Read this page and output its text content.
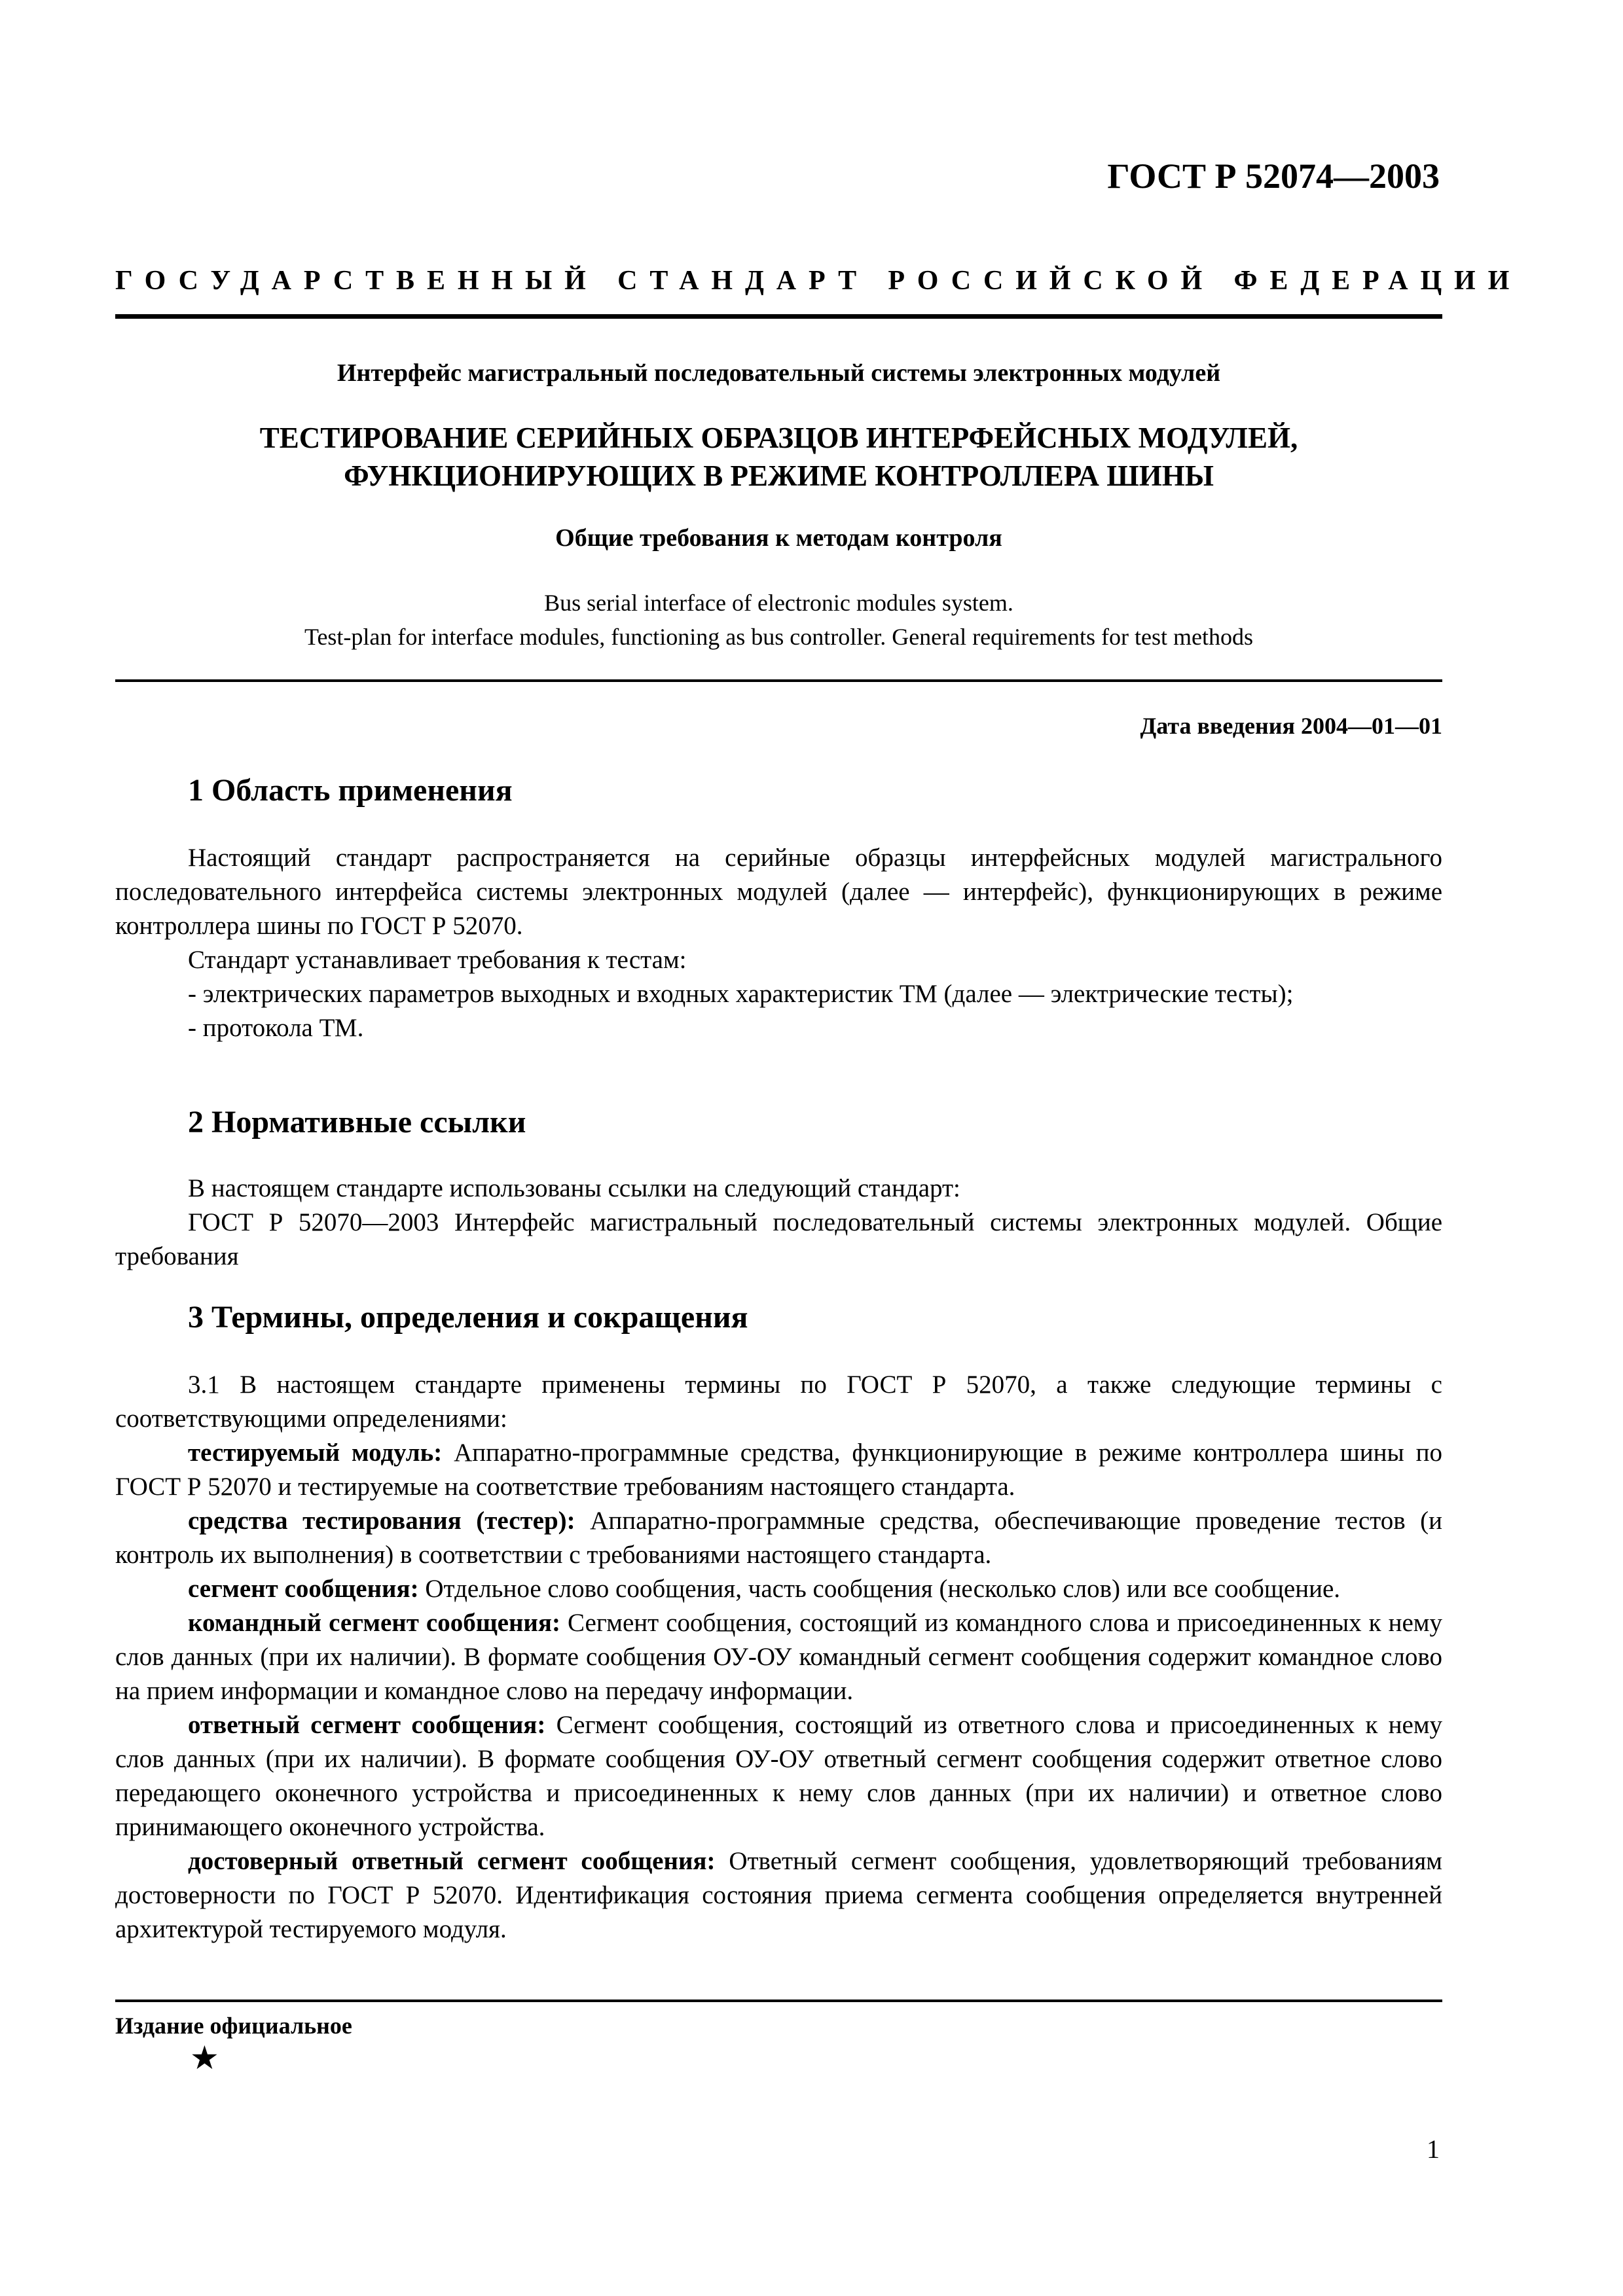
ГОСТ Р 52074—2003
ГОСУДАРСТВЕННЫЙ СТАНДАРТ РОССИЙСКОЙ ФЕДЕРАЦИИ
Интерфейс магистральный последовательный системы электронных модулей
ТЕСТИРОВАНИЕ СЕРИЙНЫХ ОБРАЗЦОВ ИНТЕРФЕЙСНЫХ МОДУЛЕЙ,
ФУНКЦИОНИРУЮЩИХ В РЕЖИМЕ КОНТРОЛЛЕРА ШИНЫ
Общие требования к методам контроля
Bus serial interface of electronic modules system.
Test-plan for interface modules, functioning as bus controller. General requirements for test methods
Дата введения 2004—01—01
1 Область применения

Настоящий стандарт распространяется на серийные образцы интерфейсных модулей магистрального последовательного интерфейса системы электронных модулей (далее — интерфейс), функционирующих в режиме контроллера шины по ГОСТ Р 52070.

Стандарт устанавливает требования к тестам:

- электрических параметров выходных и входных характеристик ТМ (далее — электрические тесты);

- протокола ТМ.

2 Нормативные ссылки

В настоящем стандарте использованы ссылки на следующий стандарт:

ГОСТ Р 52070—2003 Интерфейс магистральный последовательный системы электронных модулей. Общие требования

3 Термины, определения и сокращения

3.1 В настоящем стандарте применены термины по ГОСТ Р 52070, а также следующие термины с соответствующими определениями:

тестируемый модуль: Аппаратно-программные средства, функционирующие в режиме контроллера шины по ГОСТ Р 52070 и тестируемые на соответствие требованиям настоящего стандарта.

средства тестирования (тестер): Аппаратно-программные средства, обеспечивающие проведение тестов (и контроль их выполнения) в соответствии с требованиями настоящего стандарта.

сегмент сообщения: Отдельное слово сообщения, часть сообщения (несколько слов) или все сообщение.

командный сегмент сообщения: Сегмент сообщения, состоящий из командного слова и присоединенных к нему слов данных (при их наличии). В формате сообщения ОУ-ОУ командный сегмент сообщения содержит командное слово на прием информации и командное слово на передачу информации.

ответный сегмент сообщения: Сегмент сообщения, состоящий из ответного слова и присоединенных к нему слов данных (при их наличии). В формате сообщения ОУ-ОУ ответный сегмент сообщения содержит ответное слово передающего оконечного устройства и присоединенных к нему слов данных (при их наличии) и ответное слово принимающего оконечного устройства.

достоверный ответный сегмент сообщения: Ответный сегмент сообщения, удовлетворяющий требованиям достоверности по ГОСТ Р 52070. Идентификация состояния приема сегмента сообщения определяется внутренней архитектурой тестируемого модуля.

Издание официальное
★
1
